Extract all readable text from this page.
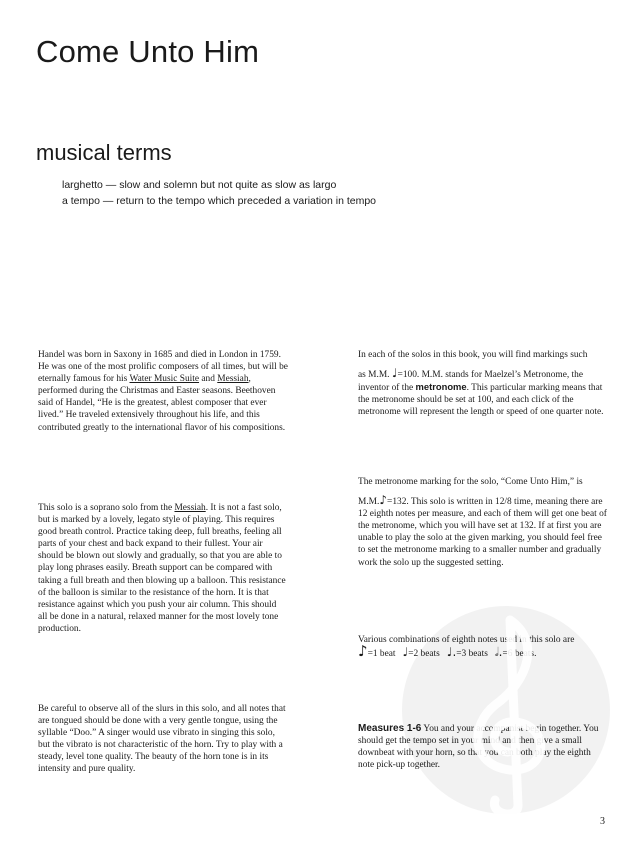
Come Unto Him
musical terms
larghetto — slow and solemn but not quite as slow as largo
a tempo — return to the tempo which preceded a variation in tempo

Handel was born in Saxony in 1685 and died in London in 1759. He was one of the most prolific composers of all times, but will be eternally famous for his Water Music Suite and Messiah, performed during the Christmas and Easter seasons. Beethoven said of Handel, “He is the greatest, ablest composer that ever lived.” He traveled extensively throughout his life, and this contributed greatly to the international flavor of his compositions.

This solo is a soprano solo from the Messiah. It is not a fast solo, but is marked by a lovely, legato style of playing. This requires good breath control. Practice taking deep, full breaths, feeling all parts of your chest and back expand to their fullest. Your air should be blown out slowly and gradually, so that you are able to play long phrases easily. Breath support can be compared with taking a full breath and then blowing up a balloon. This resistance of the balloon is similar to the resistance of the horn. It is that resistance against which you push your air column. This should all be done in a natural, relaxed manner for the most lovely tone production.

Be careful to observe all of the slurs in this solo, and all notes that are tongued should be done with a very gentle tongue, using the syllable “Doo.” A singer would use vibrato in singing this solo, but the vibrato is not characteristic of the horn. Try to play with a steady, level tone quality. The beauty of the horn tone is in its intensity and pure quality.

In each of the solos in this book, you will find markings such
as M.M. ♩=100. M.M. stands for Maelzel’s Metronome, the inventor of the metronome. This particular marking means that the metronome should be set at 100, and each click of the metronome will represent the length or speed of one quarter note.

The metronome marking for the solo, “Come Unto Him,” is
M.M.♪=132. This solo is written in 12/8 time, meaning there are 12 eighth notes per measure, and each of them will get one beat of the metronome, which you will have set at 132. If at first you are unable to play the solo at the given marking, you should feel free to set the metronome marking to a smaller number and gradually work the solo up the suggested setting.

Various combinations of eighth notes used in this solo are
♪=1 beat ♩=2 beats ♩.=3 beats 𝅗𝅥.=6 beats.

Measures 1-6 You and your accompanist begin together. You should get the tempo set in your mind and then give a small downbeat with your horn, so that you can both play the eighth note pick-up together.

3
